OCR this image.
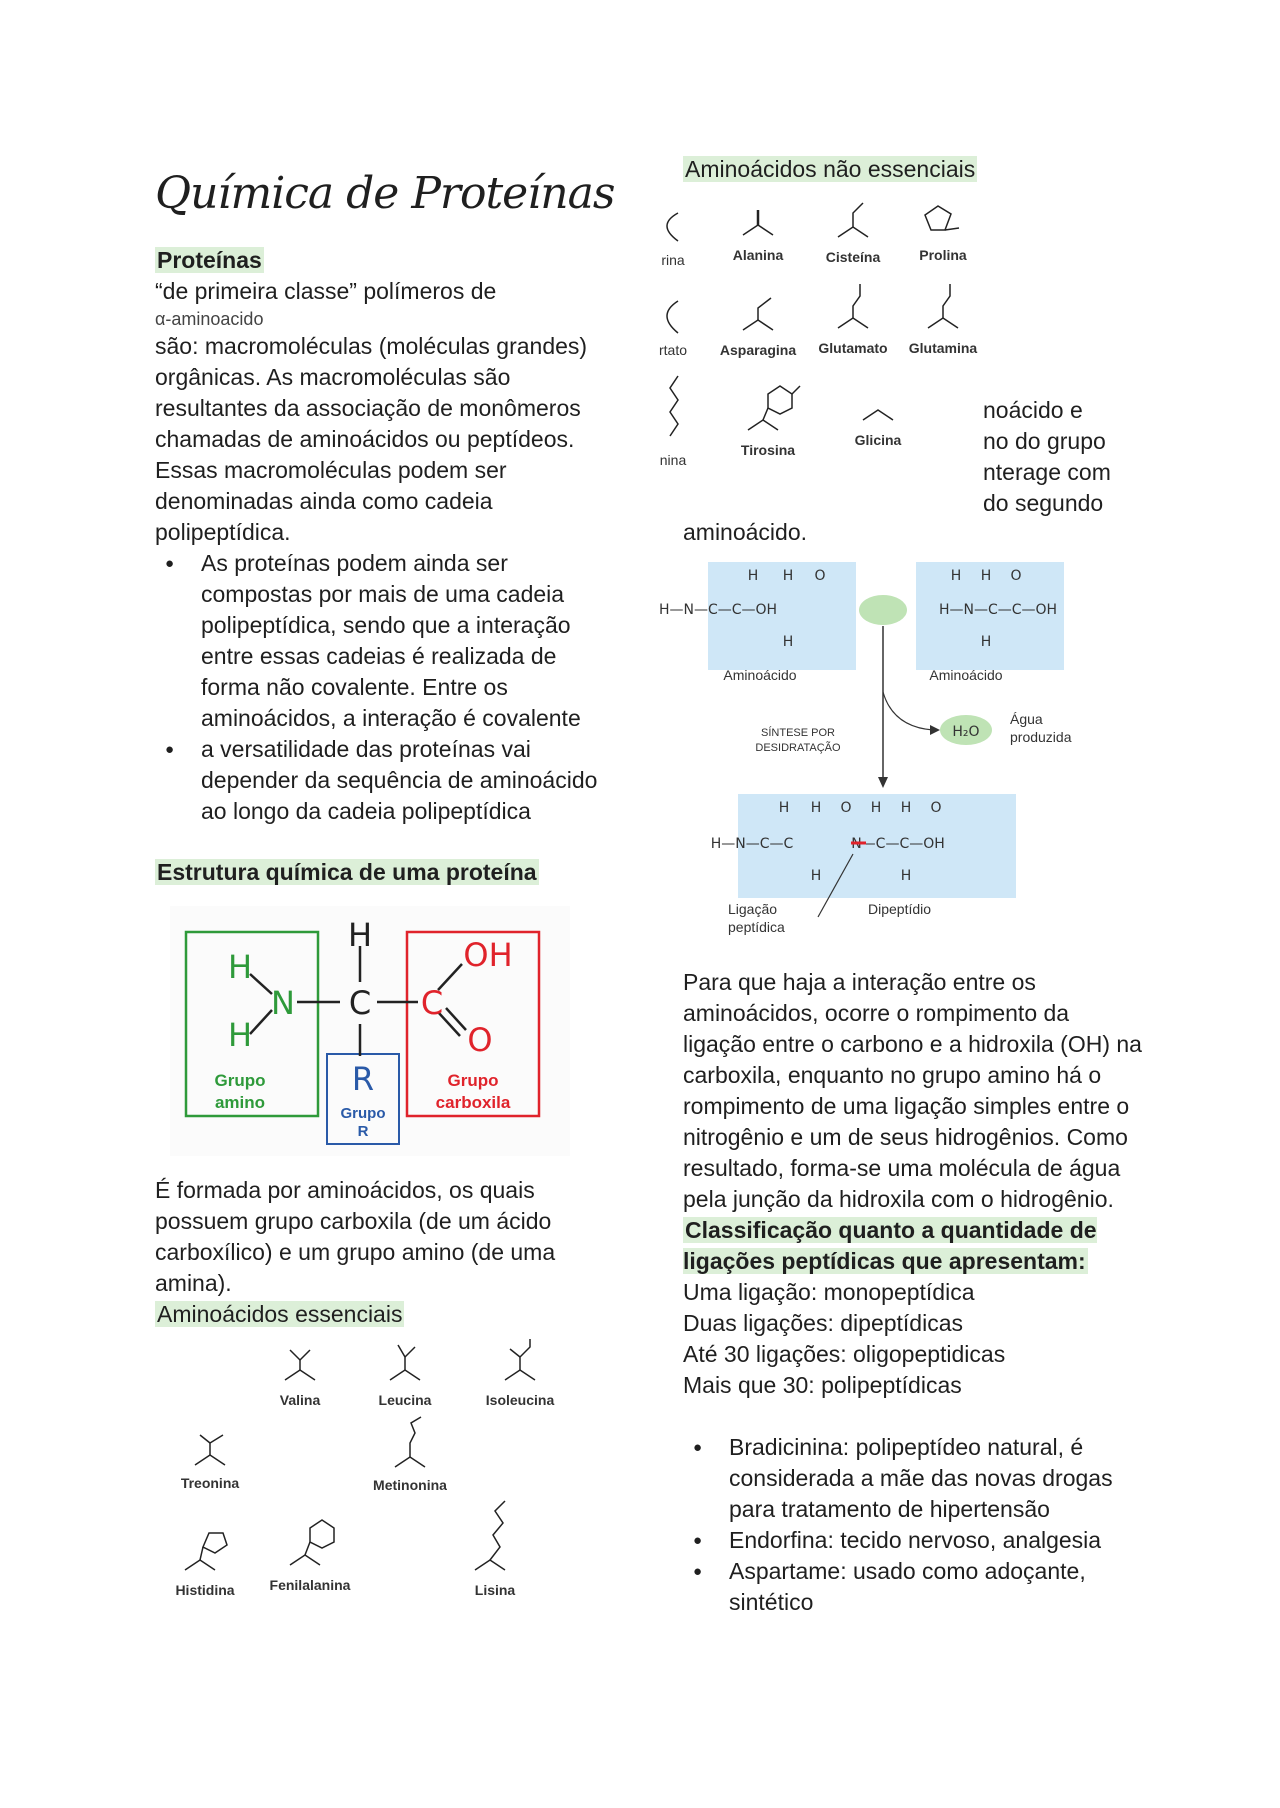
Química de Proteínas

Proteínas

“de primeira classe” polímeros de

α-aminoacido

são: macromoléculas (moléculas grandes) orgânicas. As macromoléculas são resultantes da associação de monômeros chamadas de aminoácidos ou peptídeos. Essas macromoléculas podem ser denominadas ainda como cadeia polipeptídica.

● As proteínas podem ainda ser compostas por mais de uma cadeia polipeptídica, sendo que a interação entre essas cadeias é realizada de forma não covalente. Entre os aminoácidos, a interação é covalente
● a versatilidade das proteínas vai depender da sequência de aminoácido ao longo da cadeia polipeptídica

Estrutura química de uma proteína

H
C
N
H
H
C
OH
O
R
Grupo
amino
Grupo
R
Grupo
carboxila

É formada por aminoácidos, os quais possuem grupo carboxila (de um ácido carboxílico) e um grupo amino (de uma amina).

Aminoácidos essenciais

Valina	Leucina	Isoleucina
Treonina	Metinonina
Histidina	Fenilalanina	Lisina

Aminoácidos não essenciais

noácido e
no do grupo
nterage com
do segundo
rina	Alanina	Cisteína	Prolina
rtato	Asparagina	Glutamato	Glutamina
nina
Tirosina
Glicina

aminoácido.

H H O
H—N—C—C—OH
H H O
H—N—C—C—OH
H	H
Aminoácido	Aminoácido
H₂O
Água
produzida
SÍNTESE POR
DESIDRATAÇÃO
H H O H H O
H—N—C—C	N—C—C—OH
H	H
Ligação
peptídica
Dipeptídio

Para que haja a interação entre os aminoácidos, ocorre o rompimento da ligação entre o carbono e a hidroxila (OH) na carboxila, enquanto no grupo amino há o rompimento de uma ligação simples entre o nitrogênio e um de seus hidrogênios. Como resultado, forma-se uma molécula de água pela junção da hidroxila com o hidrogênio.

Classificação quanto a quantidade de ligações peptídicas que apresentam:

Uma ligação: monopeptídica

Duas ligações: dipeptídicas

Até 30 ligações: oligopeptidicas

Mais que 30: polipeptídicas

● Bradicinina: polipeptídeo natural, é considerada a mãe das novas drogas para tratamento de hipertensão
● Endorfina: tecido nervoso, analgesia
● Aspartame: usado como adoçante, sintético
